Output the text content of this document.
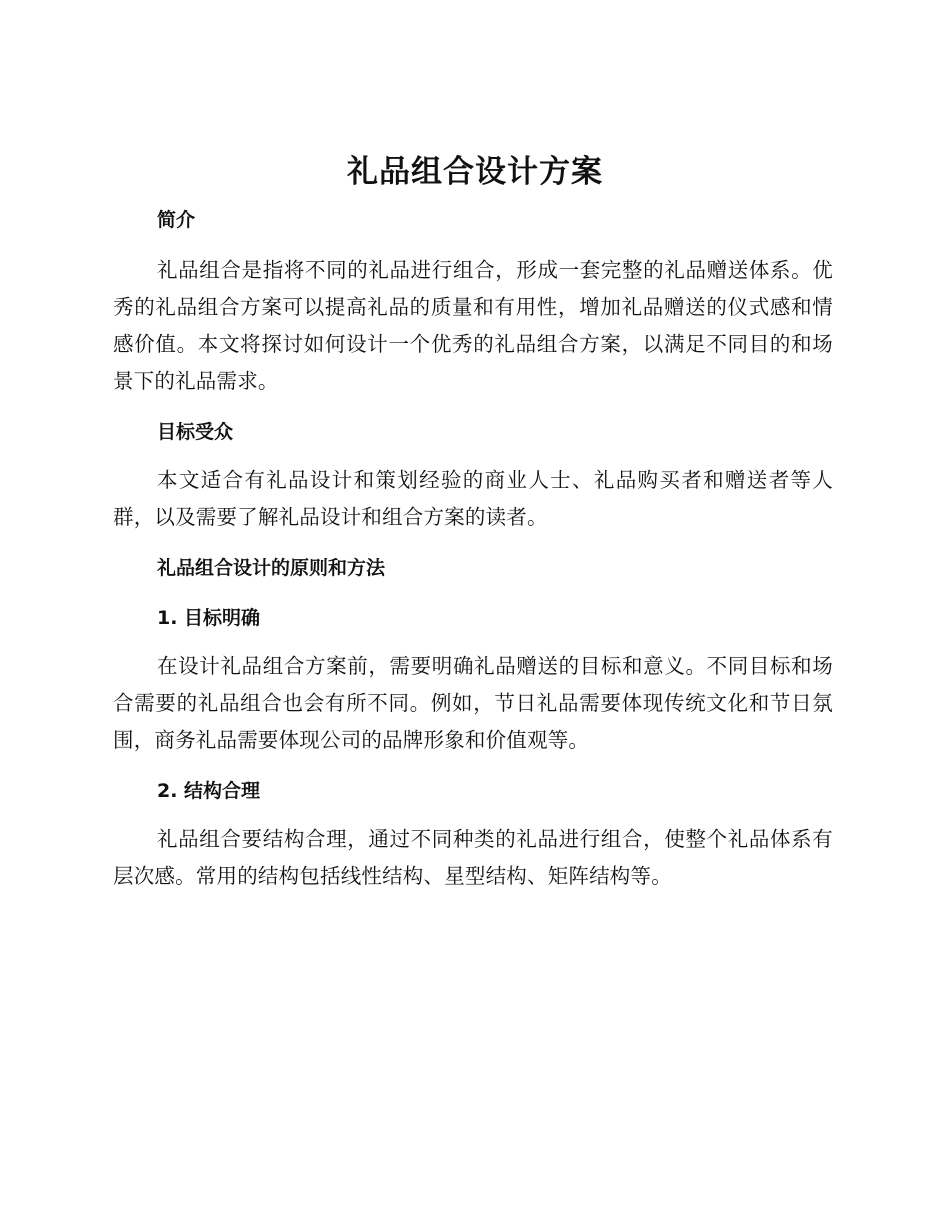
礼品组合设计方案
简介

礼品组合是指将不同的礼品进行组合，形成一套完整的礼品赠送体系。优秀的礼品组合方案可以提高礼品的质量和有用性，增加礼品赠送的仪式感和情感价值。本文将探讨如何设计一个优秀的礼品组合方案，以满足不同目的和场景下的礼品需求。

目标受众

本文适合有礼品设计和策划经验的商业人士、礼品购买者和赠送者等人群，以及需要了解礼品设计和组合方案的读者。

礼品组合设计的原则和方法
1. 目标明确

在设计礼品组合方案前，需要明确礼品赠送的目标和意义。不同目标和场合需要的礼品组合也会有所不同。例如，节日礼品需要体现传统文化和节日氛围，商务礼品需要体现公司的品牌形象和价值观等。

2. 结构合理

礼品组合要结构合理，通过不同种类的礼品进行组合，使整个礼品体系有层次感。常用的结构包括线性结构、星型结构、矩阵结构等。
